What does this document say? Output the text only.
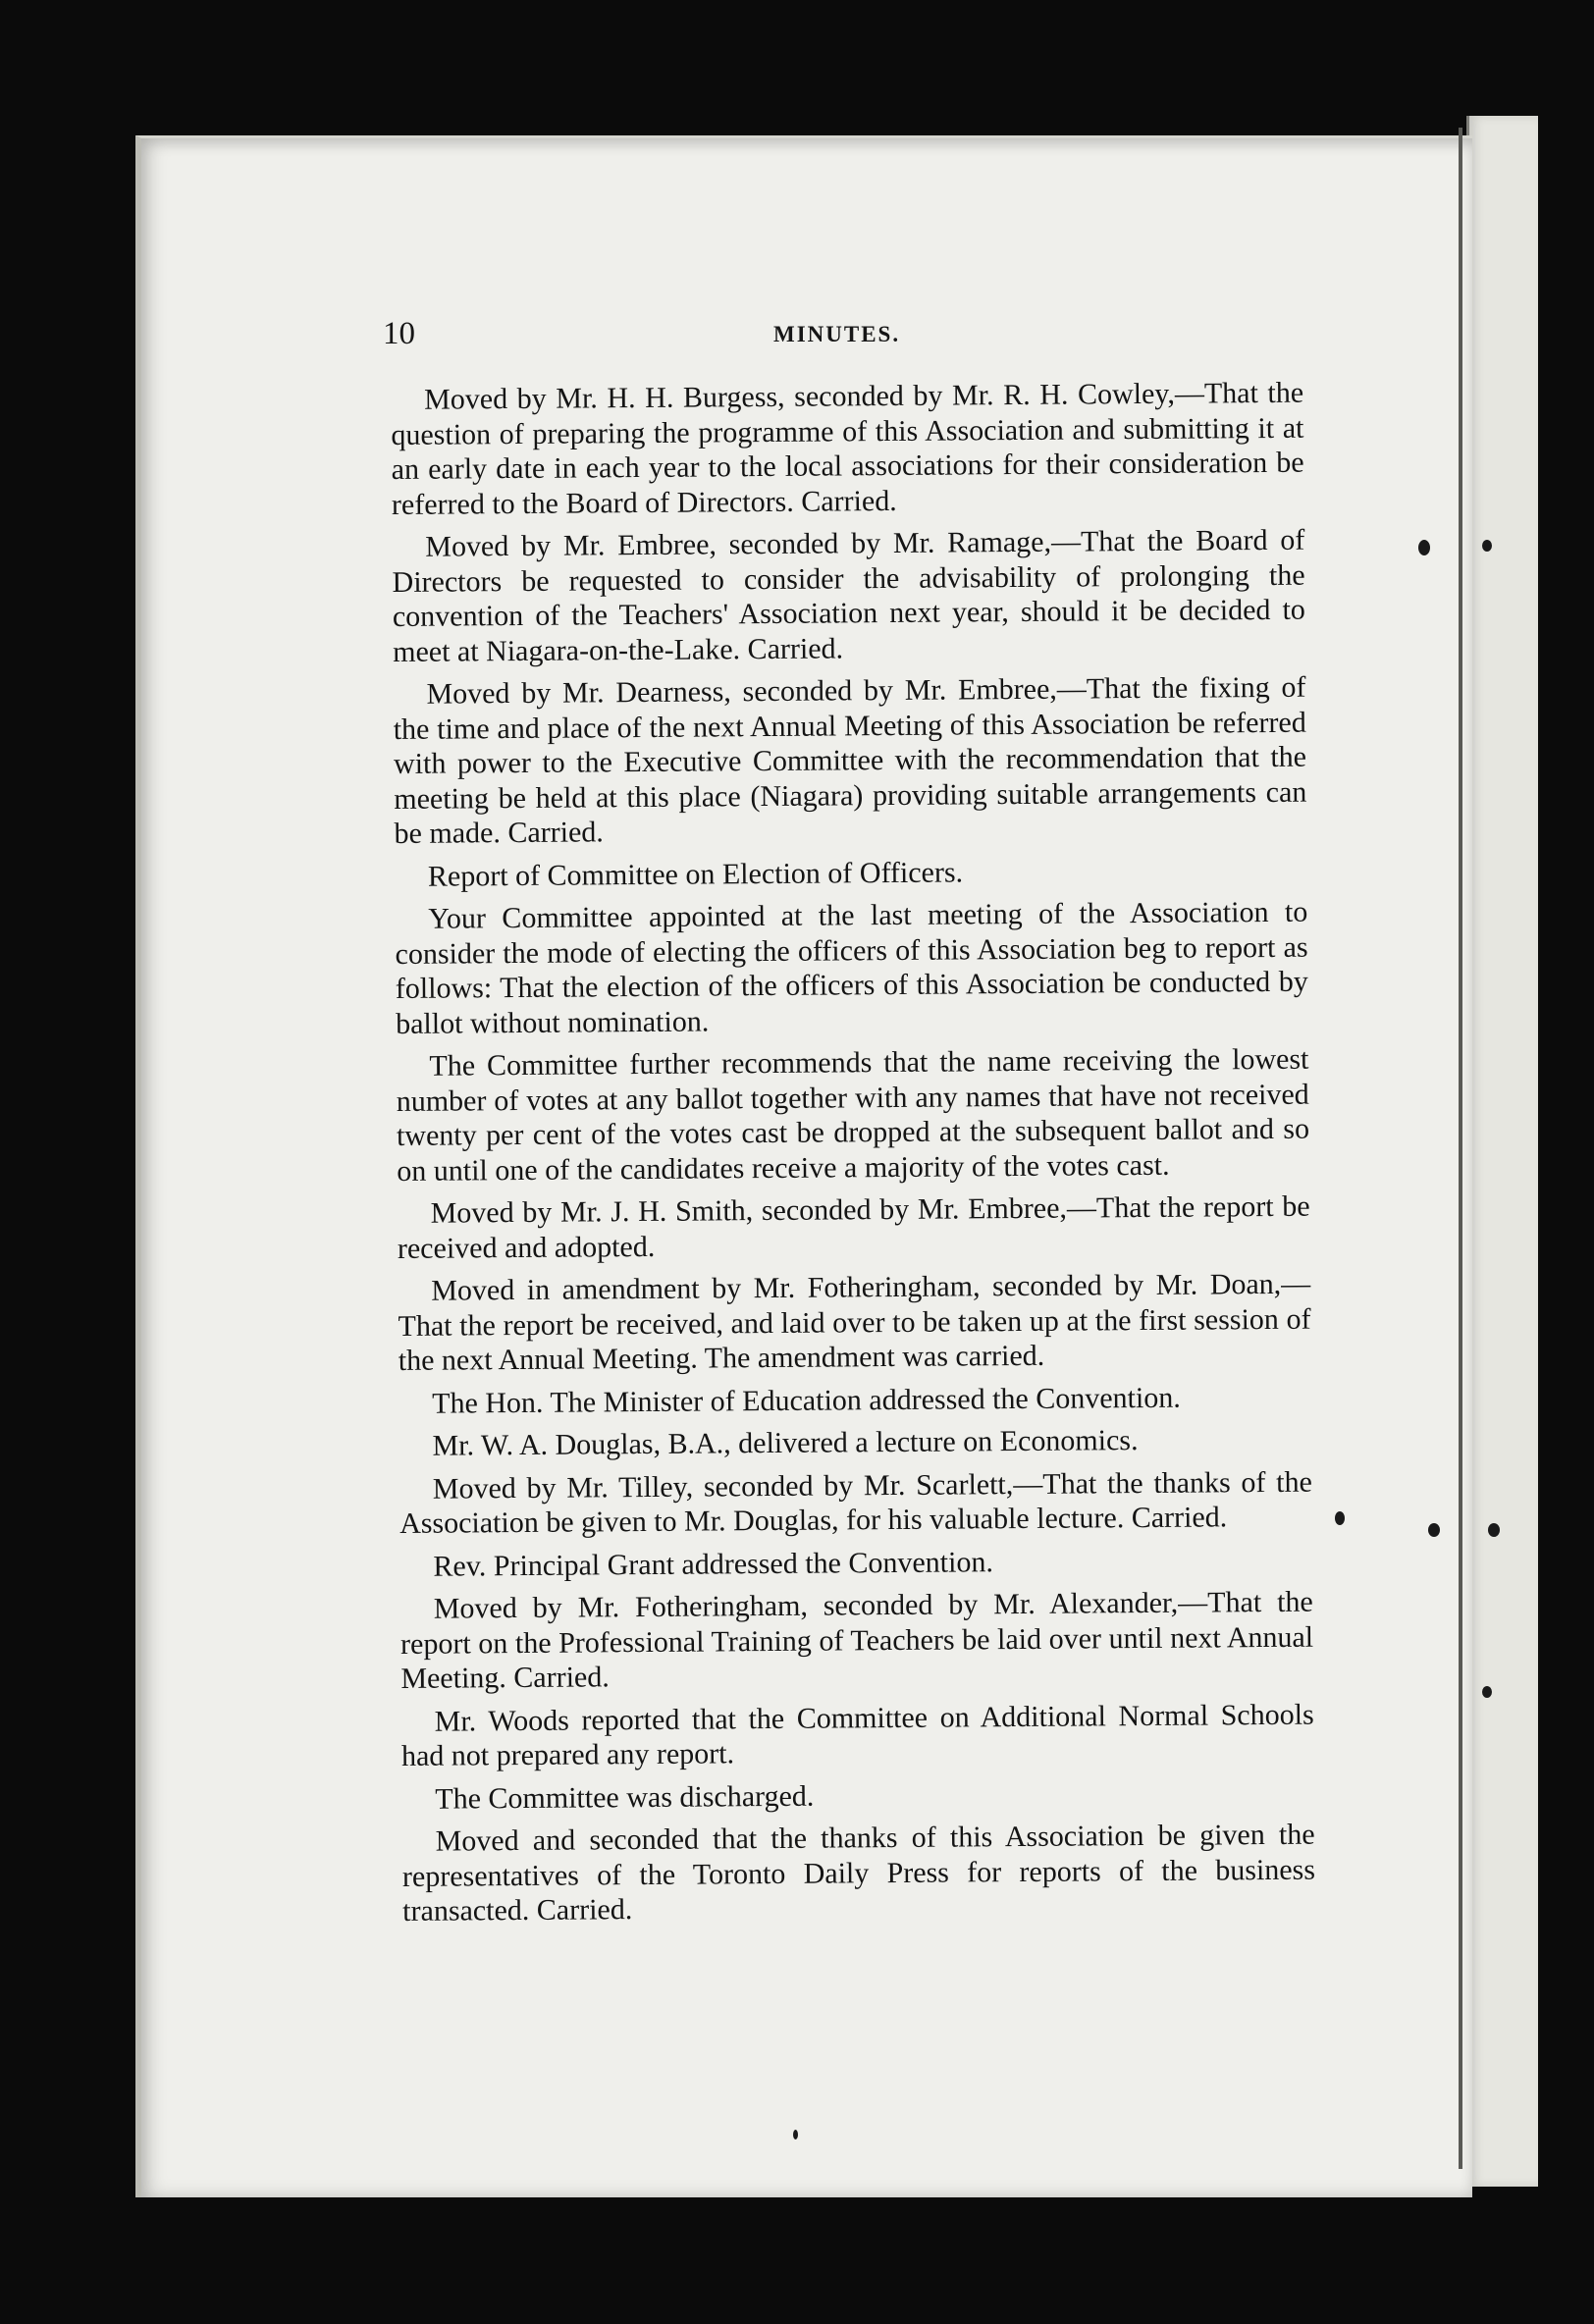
10	MINUTES.

Moved by Mr. H. H. Burgess, seconded by Mr. R. H. Cowley,—That the question of preparing the programme of this Association and submitting it at an early date in each year to the local associations for their consideration be referred to the Board of Directors. Carried.

Moved by Mr. Embree, seconded by Mr. Ramage,—That the Board of Directors be requested to consider the advisability of prolonging the convention of the Teachers' Association next year, should it be decided to meet at Niagara-on-the-Lake. Carried.

Moved by Mr. Dearness, seconded by Mr. Embree,—That the fixing of the time and place of the next Annual Meeting of this Association be referred with power to the Executive Committee with the recommendation that the meeting be held at this place (Niagara) providing suitable arrangements can be made. Carried.

Report of Committee on Election of Officers.

Your Committee appointed at the last meeting of the Association to consider the mode of electing the officers of this Association beg to report as follows: That the election of the officers of this Association be conducted by ballot without nomination.

The Committee further recommends that the name receiving the lowest number of votes at any ballot together with any names that have not received twenty per cent of the votes cast be dropped at the subsequent ballot and so on until one of the candidates receive a majority of the votes cast.

Moved by Mr. J. H. Smith, seconded by Mr. Embree,—That the report be received and adopted.

Moved in amendment by Mr. Fotheringham, seconded by Mr. Doan,—That the report be received, and laid over to be taken up at the first session of the next Annual Meeting. The amendment was carried.

The Hon. The Minister of Education addressed the Convention.

Mr. W. A. Douglas, B.A., delivered a lecture on Economics.

Moved by Mr. Tilley, seconded by Mr. Scarlett,—That the thanks of the Association be given to Mr. Douglas, for his valuable lecture. Carried.

Rev. Principal Grant addressed the Convention.

Moved by Mr. Fotheringham, seconded by Mr. Alexander,—That the report on the Professional Training of Teachers be laid over until next Annual Meeting. Carried.

Mr. Woods reported that the Committee on Additional Normal Schools had not prepared any report.

The Committee was discharged.

Moved and seconded that the thanks of this Association be given the representatives of the Toronto Daily Press for reports of the business transacted. Carried.
